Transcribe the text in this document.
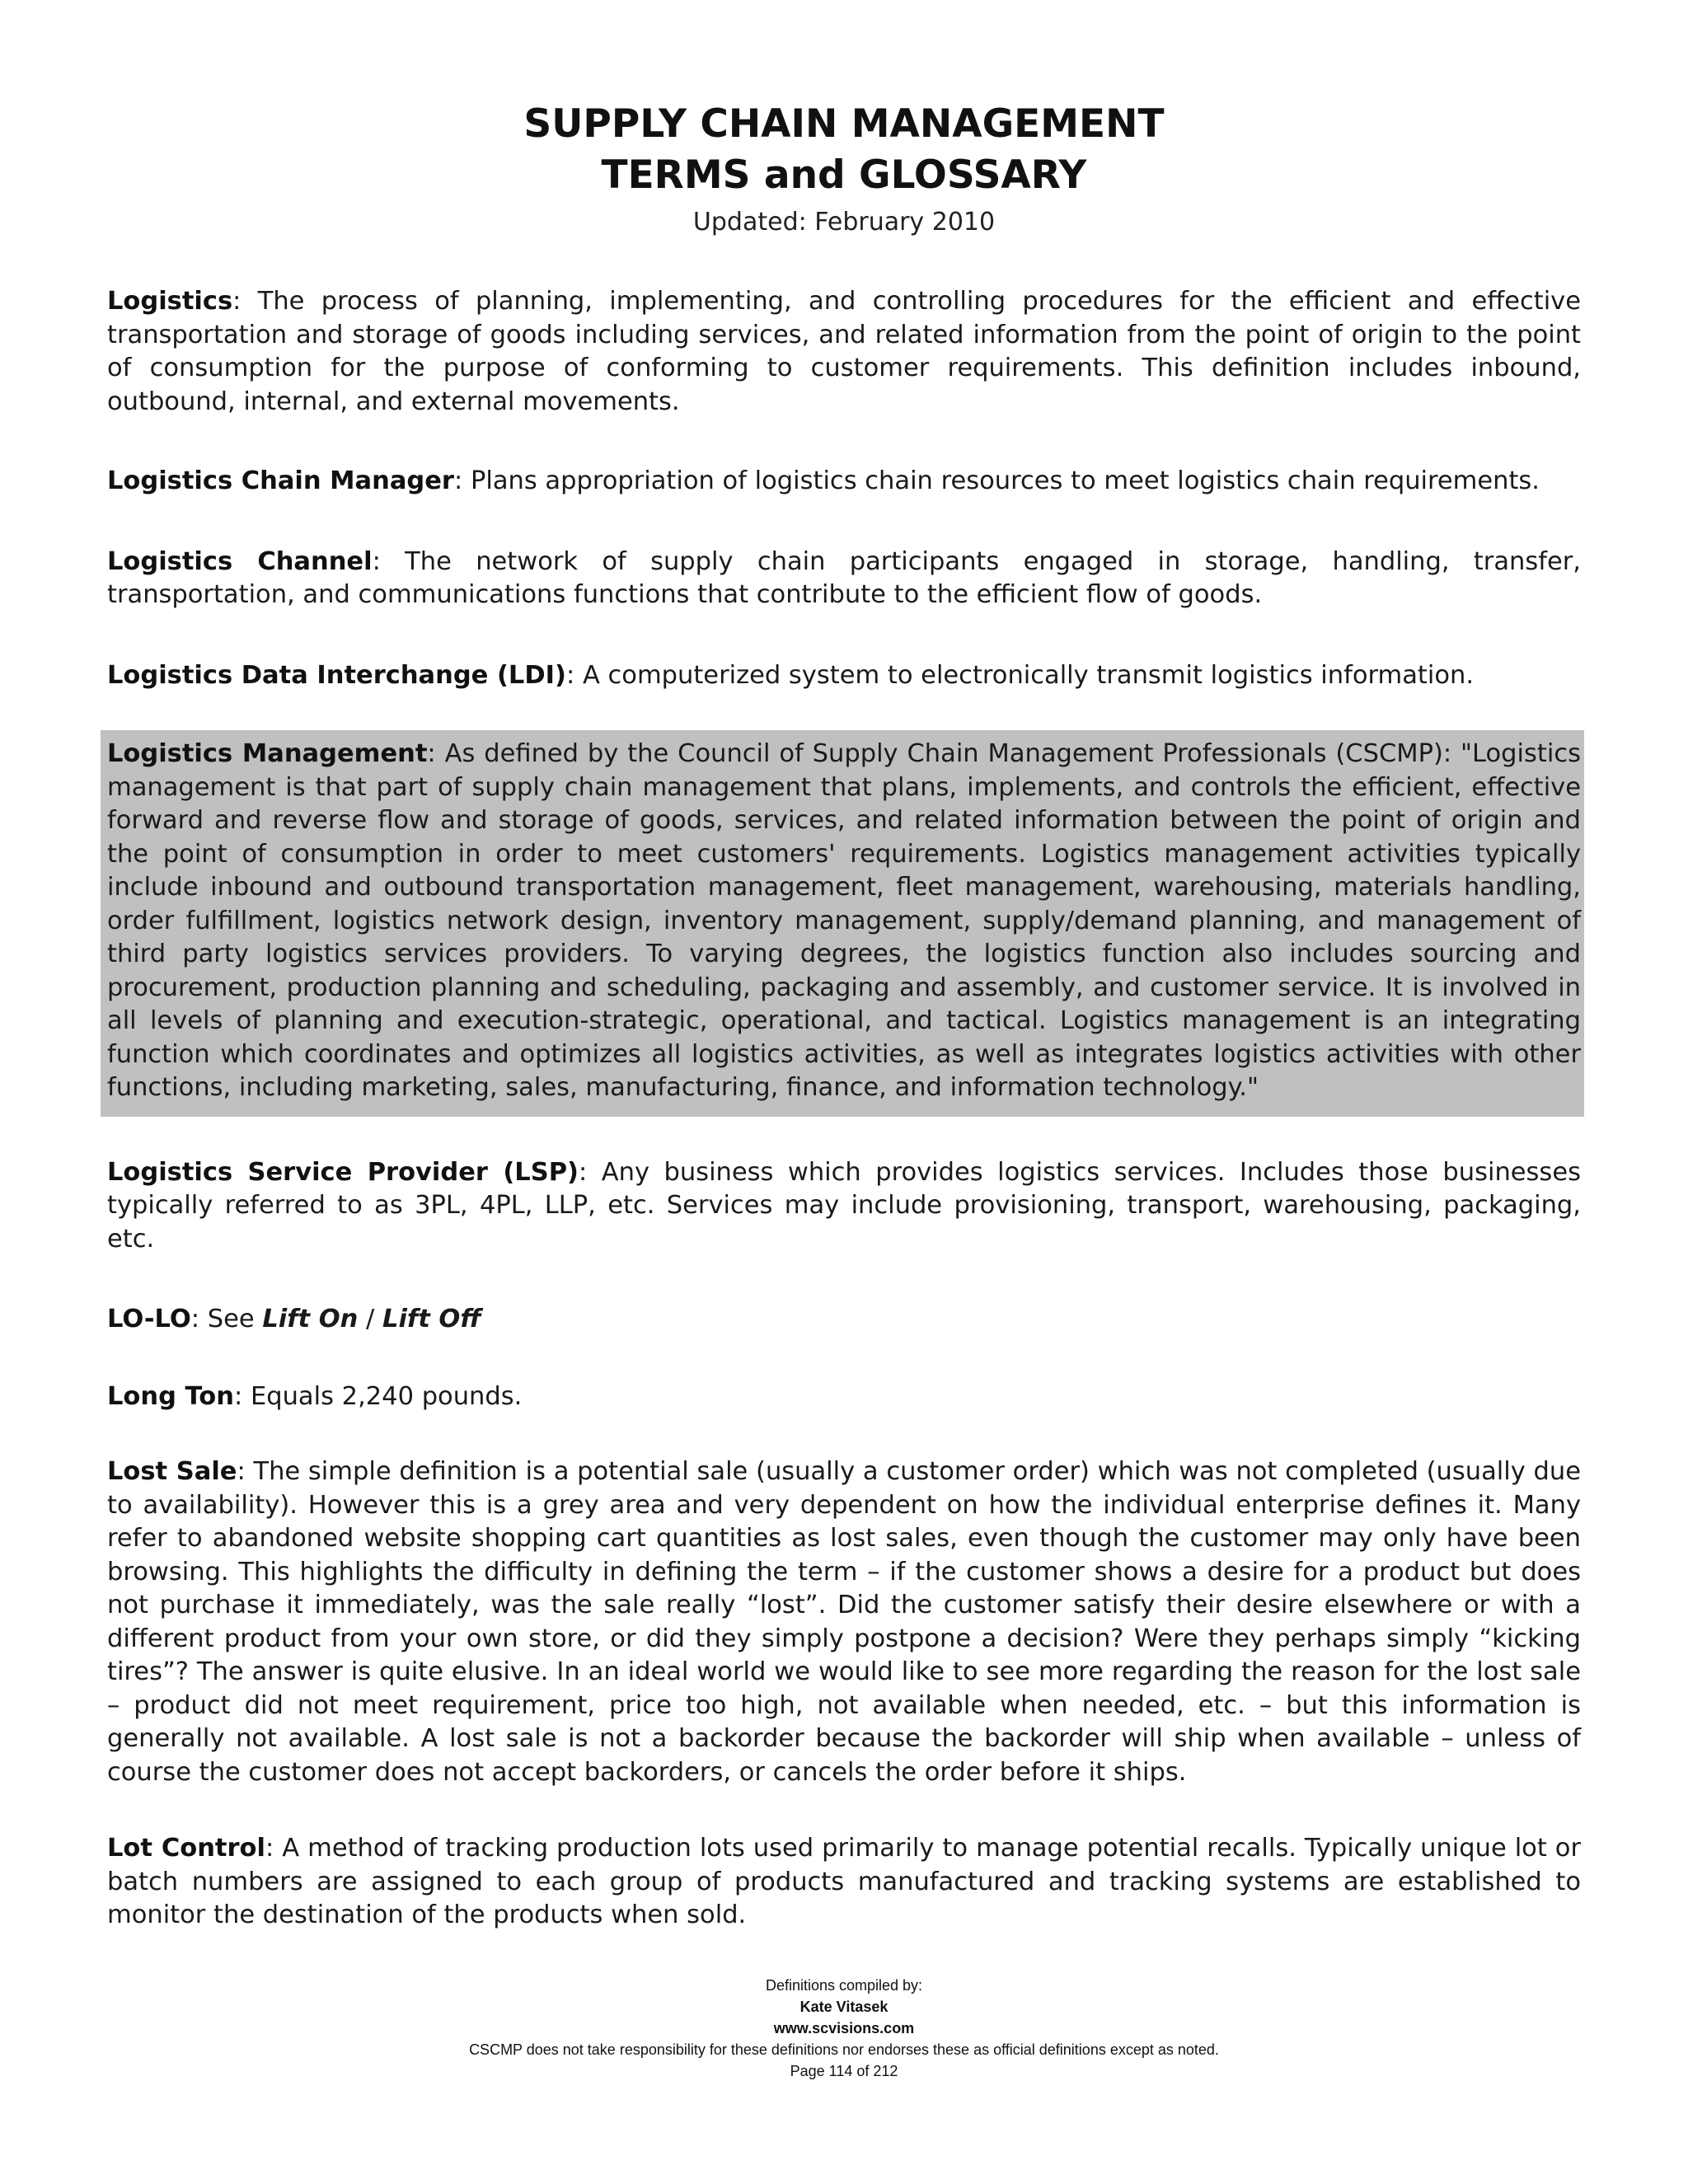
SUPPLY CHAIN MANAGEMENT
TERMS and GLOSSARY
Updated: February 2010
Logistics: The process of planning, implementing, and controlling procedures for the efficient and effective transportation and storage of goods including services, and related information from the point of origin to the point of consumption for the purpose of conforming to customer requirements. This definition includes inbound, outbound, internal, and external movements.
Logistics Chain Manager: Plans appropriation of logistics chain resources to meet logistics chain requirements.
Logistics Channel: The network of supply chain participants engaged in storage, handling, transfer, transportation, and communications functions that contribute to the efficient flow of goods.
Logistics Data Interchange (LDI): A computerized system to electronically transmit logistics information.
Logistics Management: As defined by the Council of Supply Chain Management Professionals (CSCMP): "Logistics management is that part of supply chain management that plans, implements, and controls the efficient, effective forward and reverse flow and storage of goods, services, and related information between the point of origin and the point of consumption in order to meet customers' requirements. Logistics management activities typically include inbound and outbound transportation management, fleet management, warehousing, materials handling, order fulfillment, logistics network design, inventory management, supply/demand planning, and management of third party logistics services providers. To varying degrees, the logistics function also includes sourcing and procurement, production planning and scheduling, packaging and assembly, and customer service. It is involved in all levels of planning and execution-strategic, operational, and tactical. Logistics management is an integrating function which coordinates and optimizes all logistics activities, as well as integrates logistics activities with other functions, including marketing, sales, manufacturing, finance, and information technology."
Logistics Service Provider (LSP): Any business which provides logistics services. Includes those businesses typically referred to as 3PL, 4PL, LLP, etc. Services may include provisioning, transport, warehousing, packaging, etc.
LO-LO: See Lift On / Lift Off
Long Ton: Equals 2,240 pounds.
Lost Sale: The simple definition is a potential sale (usually a customer order) which was not completed (usually due to availability). However this is a grey area and very dependent on how the individual enterprise defines it. Many refer to abandoned website shopping cart quantities as lost sales, even though the customer may only have been browsing. This highlights the difficulty in defining the term – if the customer shows a desire for a product but does not purchase it immediately, was the sale really “lost”. Did the customer satisfy their desire elsewhere or with a different product from your own store, or did they simply postpone a decision? Were they perhaps simply “kicking tires”? The answer is quite elusive. In an ideal world we would like to see more regarding the reason for the lost sale – product did not meet requirement, price too high, not available when needed, etc. – but this information is generally not available. A lost sale is not a backorder because the backorder will ship when available – unless of course the customer does not accept backorders, or cancels the order before it ships.
Lot Control: A method of tracking production lots used primarily to manage potential recalls. Typically unique lot or batch numbers are assigned to each group of products manufactured and tracking systems are established to monitor the destination of the products when sold.
Definitions compiled by:
Kate Vitasek
www.scvisions.com
CSCMP does not take responsibility for these definitions nor endorses these as official definitions except as noted.
Page 114 of 212
